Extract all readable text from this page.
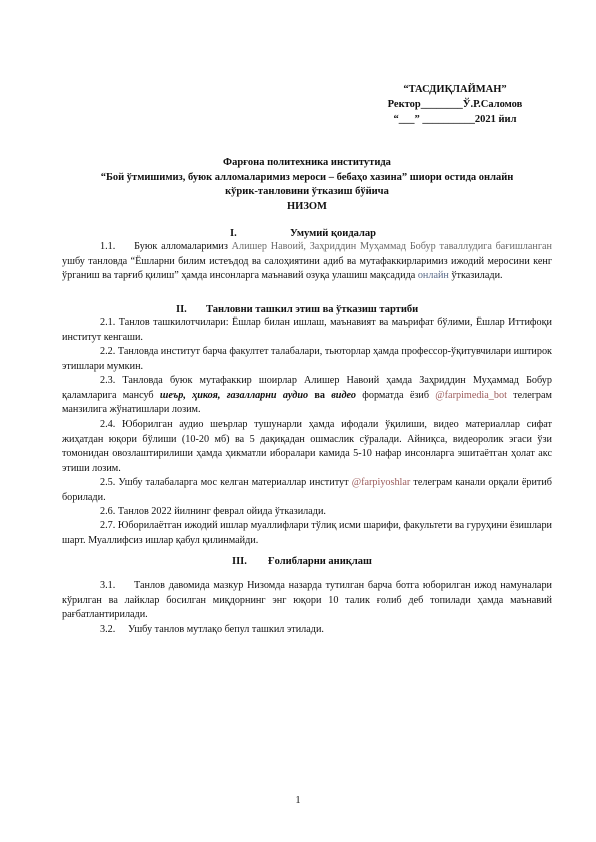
“ТАСДИҚЛАЙМАН”
Ректор________Ў.Р.Саломов
“___” __________2021 йил
Фарғона политехника институтида
“Бой ўтмишимиз, буюк алломаларимиз мероси – бебаҳо хазина” шиори остида онлайн
кўрик-танловини ўтказиш бўйича
НИЗОМ
I.	Умумий қоидалар

1.1. Буюк алломаларимиз Алишер Навоий, Заҳриддин Муҳаммад Бобур таваллудига бағишланган ушбу танловда “Ёшларни билим истеъдод ва салоҳиятини адиб ва мутафаккирларимиз ижодий меросини кенг ўрганиш ва тарғиб қилиш” ҳамда инсонларга маънавий озуқа улашиш мақсадида онлайн ўтказилади.

II. Танловни ташкил этиш ва ўтказиш тартиби

2.1. Танлов ташкилотчилари: Ёшлар билан ишлаш, маънавият ва маърифат бўлими, Ёшлар Иттифоқи институт кенгаши.

2.2. Танловда институт барча факултет талабалари, тьюторлар ҳамда профессор-ўқитувчилари иштирок этишлари мумкин.

2.3. Танловда буюк мутафаккир шоирлар Алишер Навоий ҳамда Заҳриддин Муҳаммад Бобур қаламларига мансуб шеър, ҳикоя, ғазалларни аудио ва видео форматда ёзиб @farpimedia_bot телеграм манзилига жўнатишлари лозим.

2.4. Юборилган аудио шеърлар тушунарли ҳамда ифодали ўқилиши, видео материаллар сифат жиҳатдан юқори бўлиши (10-20 мб) ва 5 дақиқадан ошмаслик сўралади. Айниқса, видеоролик эгаси ўзи томонидан овозлаштирилиши ҳамда ҳикматли иборалари камида 5-10 нафар инсонларга эшитаётган ҳолат акс этиши лозим.

2.5. Ушбу талабаларга мос келган материаллар институт @farpiyoshlar телеграм канали орқали ёритиб борилади.

2.6. Танлов 2022 йилнинг феврал ойида ўтказилади.

2.7. Юборилаётган ижодий ишлар муаллифлари тўлиқ исми шарифи, факультети ва гуруҳини ёзишлари шарт. Муаллифсиз ишлар қабул қилинмайди.

III. Ғолибларни аниқлаш

3.1. Танлов давомида мазкур Низомда назарда тутилган барча ботга юборилган ижод намуналари кўрилган ва лайклар босилган миқдорнинг энг юқори 10 талик ғолиб деб топилади ҳамда маънавий рағбатлантирилади.

3.2. Ушбу танлов мутлақо бепул ташкил этилади.

1
